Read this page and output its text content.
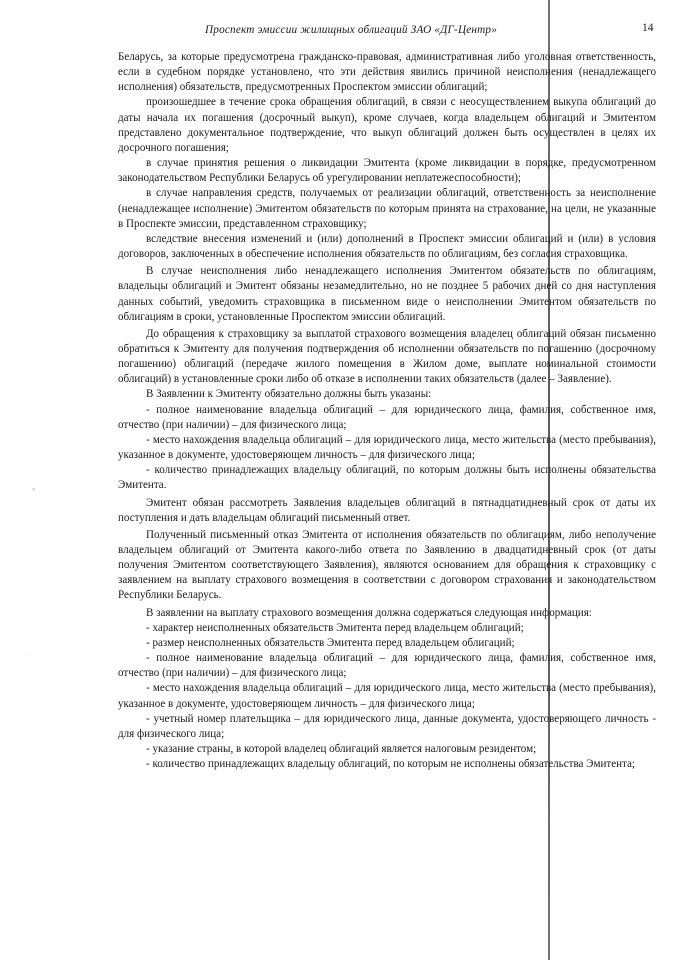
Проспект эмиссии жилищных облигаций ЗАО «ДГ-Центр»	14
◦
·

Беларусь, за которые предусмотрена гражданско-правовая, административная либо уголовная ответственность, если в судебном порядке установлено, что эти действия явились причиной неисполнения (ненадлежащего исполнения) обязательств, предусмотренных Проспектом эмиссии облигаций;

произошедшее в течение срока обращения облигаций, в связи с неосуществлением выкупа облигаций до даты начала их погашения (досрочный выкуп), кроме случаев, когда владельцем облигаций и Эмитентом представлено документальное подтверждение, что выкуп облигаций должен быть осуществлен в целях их досрочного погашения;

в случае принятия решения о ликвидации Эмитента (кроме ликвидации в порядке, предусмотренном законодательством Республики Беларусь об урегулировании неплатежеспособности);

в случае направления средств, получаемых от реализации облигаций, ответственность за неисполнение (ненадлежащее исполнение) Эмитентом обязательств по которым принята на страхование, на цели, не указанные в Проспекте эмиссии, представленном страховщику;

вследствие внесения изменений и (или) дополнений в Проспект эмиссии облигаций и (или) в условия договоров, заключенных в обеспечение исполнения обязательств по облигациям, без согласия страховщика.

В случае неисполнения либо ненадлежащего исполнения Эмитентом обязательств по облигациям, владельцы облигаций и Эмитент обязаны незамедлительно, но не позднее 5 рабочих дней со дня наступления данных событий, уведомить страховщика в письменном виде о неисполнении Эмитентом обязательств по облигациям в сроки, установленные Проспектом эмиссии облигаций.

До обращения к страховщику за выплатой страхового возмещения владелец облигаций обязан письменно обратиться к Эмитенту для получения подтверждения об исполнении обязательств по погашению (досрочному погашению) облигаций (передаче жилого помещения в Жилом доме, выплате номинальной стоимости облигаций) в установленные сроки либо об отказе в исполнении таких обязательств (далее – Заявление).

В Заявлении к Эмитенту обязательно должны быть указаны:

- полное наименование владельца облигаций – для юридического лица, фамилия, собственное имя, отчество (при наличии) – для физического лица;

- место нахождения владельца облигаций – для юридического лица, место жительства (место пребывания), указанное в документе, удостоверяющем личность – для физического лица;

- количество принадлежащих владельцу облигаций, по которым должны быть исполнены обязательства Эмитента.

Эмитент обязан рассмотреть Заявления владельцев облигаций в пятнадцатидневный срок от даты их поступления и дать владельцам облигаций письменный ответ.

Полученный письменный отказ Эмитента от исполнения обязательств по облигациям, либо неполучение владельцем облигаций от Эмитента какого-либо ответа по Заявлению в двадцатидневный срок (от даты получения Эмитентом соответствующего Заявления), являются основанием для обращения к страховщику с заявлением на выплату страхового возмещения в соответствии с договором страхования и законодательством Республики Беларусь.

В заявлении на выплату страхового возмещения должна содержаться следующая информация:

- характер неисполненных обязательств Эмитента перед владельцем облигаций;

- размер неисполненных обязательств Эмитента перед владельцем облигаций;

- полное наименование владельца облигаций – для юридического лица, фамилия, собственное имя, отчество (при наличии) – для физического лица;

- место нахождения владельца облигаций – для юридического лица, место жительства (место пребывания), указанное в документе, удостоверяющем личность – для физического лица;

- учетный номер плательщика – для юридического лица, данные документа, удостоверяющего личность - для физического лица;

- указание страны, в которой владелец облигаций является налоговым резидентом;

- количество принадлежащих владельцу облигаций, по которым не исполнены обязательства Эмитента;
